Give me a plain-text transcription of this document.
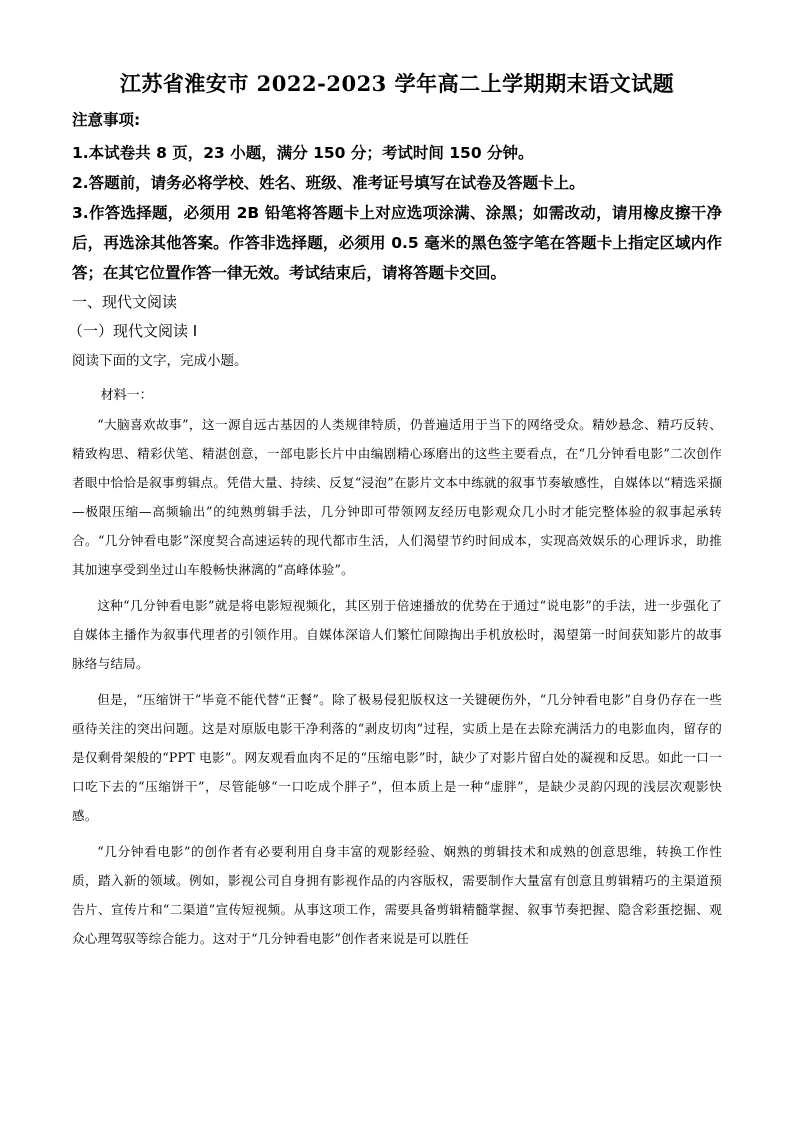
江苏省淮安市 2022-2023 学年高二上学期期末语文试题
注意事项:

1.本试卷共 8 页，23 小题，满分 150 分；考试时间 150 分钟。

2.答题前，请务必将学校、姓名、班级、准考证号填写在试卷及答题卡上。

3.作答选择题，必须用 2B 铅笔将答题卡上对应选项涂满、涂黑；如需改动，请用橡皮擦干净后，再选涂其他答案。作答非选择题，必须用 0.5 毫米的黑色签字笔在答题卡上指定区域内作答；在其它位置作答一律无效。考试结束后，请将答题卡交回。

一、现代文阅读

（一）现代文阅读 I

阅读下面的文字，完成小题。

材料一：

“大脑喜欢故事”，这一源自远古基因的人类规律特质，仍普遍适用于当下的网络受众。精妙悬念、精巧反转、精致构思、精彩伏笔、精湛创意，一部电影长片中由编剧精心琢磨出的这些主要看点，在“几分钟看电影”二次创作者眼中恰恰是叙事剪辑点。凭借大量、持续、反复“浸泡”在影片文本中练就的叙事节奏敏感性，自媒体以“精选采撷—极限压缩—高频输出”的纯熟剪辑手法，几分钟即可带领网友经历电影观众几小时才能完整体验的叙事起承转合。“几分钟看电影”深度契合高速运转的现代都市生活，人们渴望节约时间成本，实现高效娱乐的心理诉求，助推其加速享受到坐过山车般畅快淋漓的“高峰体验”。

这种“几分钟看电影”就是将电影短视频化，其区别于倍速播放的优势在于通过“说电影”的手法，进一步强化了自媒体主播作为叙事代理者的引领作用。自媒体深谙人们繁忙间隙掏出手机放松时，渴望第一时间获知影片的故事脉络与结局。

但是，“压缩饼干”毕竟不能代替“正餐”。除了极易侵犯版权这一关键硬伤外，“几分钟看电影”自身仍存在一些亟待关注的突出问题。这是对原版电影干净利落的“剥皮切肉”过程，实质上是在去除充满活力的电影血肉，留存的是仅剩骨架般的“PPT 电影”。网友观看血肉不足的“压缩电影”时，缺少了对影片留白处的凝视和反思。如此一口一口吃下去的“压缩饼干”，尽管能够“一口吃成个胖子”，但本质上是一种“虚胖”，是缺少灵韵闪现的浅层次观影快感。

“几分钟看电影”的创作者有必要利用自身丰富的观影经验、娴熟的剪辑技术和成熟的创意思维，转换工作性质，踏入新的领域。例如，影视公司自身拥有影视作品的内容版权，需要制作大量富有创意且剪辑精巧的主渠道预告片、宣传片和“二渠道”宣传短视频。从事这项工作，需要具备剪辑精髓掌握、叙事节奏把握、隐含彩蛋挖掘、观众心理驾驭等综合能力。这对于“几分钟看电影”创作者来说是可以胜任
